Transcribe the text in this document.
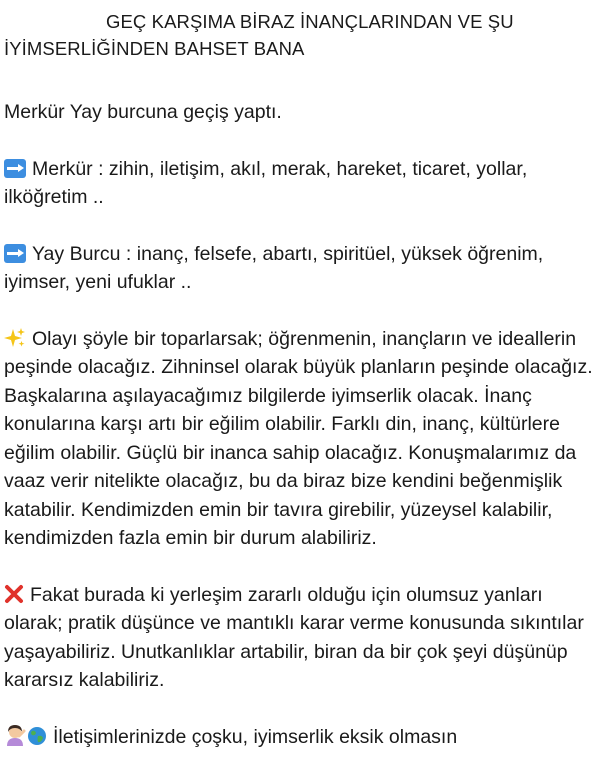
GEÇ KARŞIMA BİRAZ İNANÇLARINDAN VE ŞU
İYİMSERLİĞİNDEN BAHSET BANA

Merkür Yay burcuna geçiş yaptı.

Merkür : zihin, iletişim, akıl, merak, hareket, ticaret, yollar, ilköğretim ..

Yay Burcu : inanç, felsefe, abartı, spiritüel, yüksek öğrenim, iyimser, yeni ufuklar ..

Olayı şöyle bir toparlarsak; öğrenmenin, inançların ve ideallerin peşinde olacağız. Zihninsel olarak büyük planların peşinde olacağız. Başkalarına aşılayacağımız bilgilerde iyimserlik olacak. İnanç konularına karşı artı bir eğilim olabilir. Farklı din, inanç, kültürlere eğilim olabilir. Güçlü bir inanca sahip olacağız. Konuşmalarımız da vaaz verir nitelikte olacağız, bu da biraz bize kendini beğenmişlik katabilir. Kendimizden emin bir tavıra girebilir, yüzeysel kalabilir, kendimizden fazla emin bir durum alabiliriz.

Fakat burada ki yerleşim zararlı olduğu için olumsuz yanları olarak; pratik düşünce ve mantıklı karar verme konusunda sıkıntılar yaşayabiliriz. Unutkanlıklar artabilir, biran da bir çok şeyi düşünüp kararsız kalabiliriz.

İletişimlerinizde çoşku, iyimserlik eksik olmasın
